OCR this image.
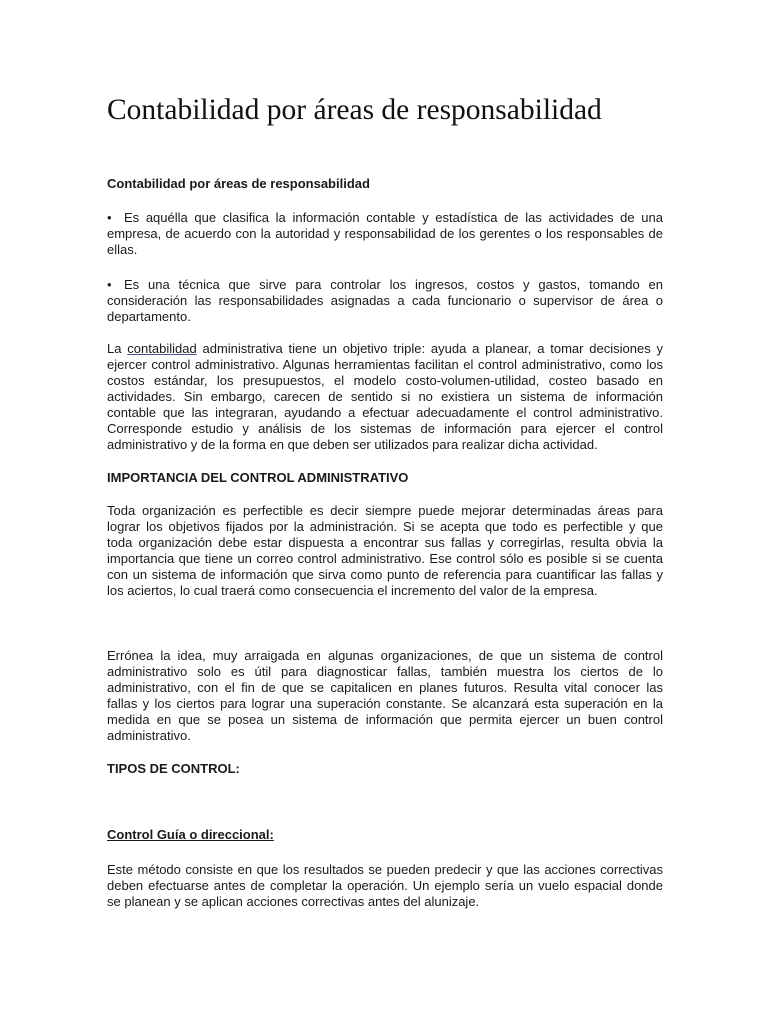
Contabilidad por áreas de responsabilidad
Contabilidad por áreas de responsabilidad
• Es aquélla que clasifica la información contable y estadística de las actividades de una
empresa, de acuerdo con la autoridad y responsabilidad de los gerentes o los responsables de
ellas.
• Es una técnica que sirve para controlar los ingresos, costos y gastos, tomando en
consideración las responsabilidades asignadas a cada funcionario o supervisor de área o
departamento.
La contabilidad administrativa tiene un objetivo triple: ayuda a planear, a tomar decisiones y
ejercer control administrativo. Algunas herramientas facilitan el control administrativo, como los
costos estándar, los presupuestos, el modelo costo-volumen-utilidad, costeo basado en
actividades. Sin embargo, carecen de sentido si no existiera un sistema de información
contable que las integraran, ayudando a efectuar adecuadamente el control administrativo.
Corresponde estudio y análisis de los sistemas de información para ejercer el control
administrativo y de la forma en que deben ser utilizados para realizar dicha actividad.
IMPORTANCIA DEL CONTROL ADMINISTRATIVO
Toda organización es perfectible es decir siempre puede mejorar determinadas áreas para
lograr los objetivos fijados por la administración. Si se acepta que todo es perfectible y que
toda organización debe estar dispuesta a encontrar sus fallas y corregirlas, resulta obvia la
importancia que tiene un correo control administrativo. Ese control sólo es posible si se cuenta
con un sistema de información que sirva como punto de referencia para cuantificar las fallas y
los aciertos, lo cual traerá como consecuencia el incremento del valor de la empresa.
Errónea la idea, muy arraigada en algunas organizaciones, de que un sistema de control
administrativo solo es útil para diagnosticar fallas, también muestra los ciertos de lo
administrativo, con el fin de que se capitalicen en planes futuros. Resulta vital conocer las
fallas y los ciertos para lograr una superación constante. Se alcanzará esta superación en la
medida en que se posea un sistema de información que permita ejercer un buen control
administrativo.
TIPOS DE CONTROL:
Control Guía o direccional:
Este método consiste en que los resultados se pueden predecir y que las acciones correctivas
deben efectuarse antes de completar la operación. Un ejemplo sería un vuelo espacial donde
se planean y se aplican acciones correctivas antes del alunizaje.
